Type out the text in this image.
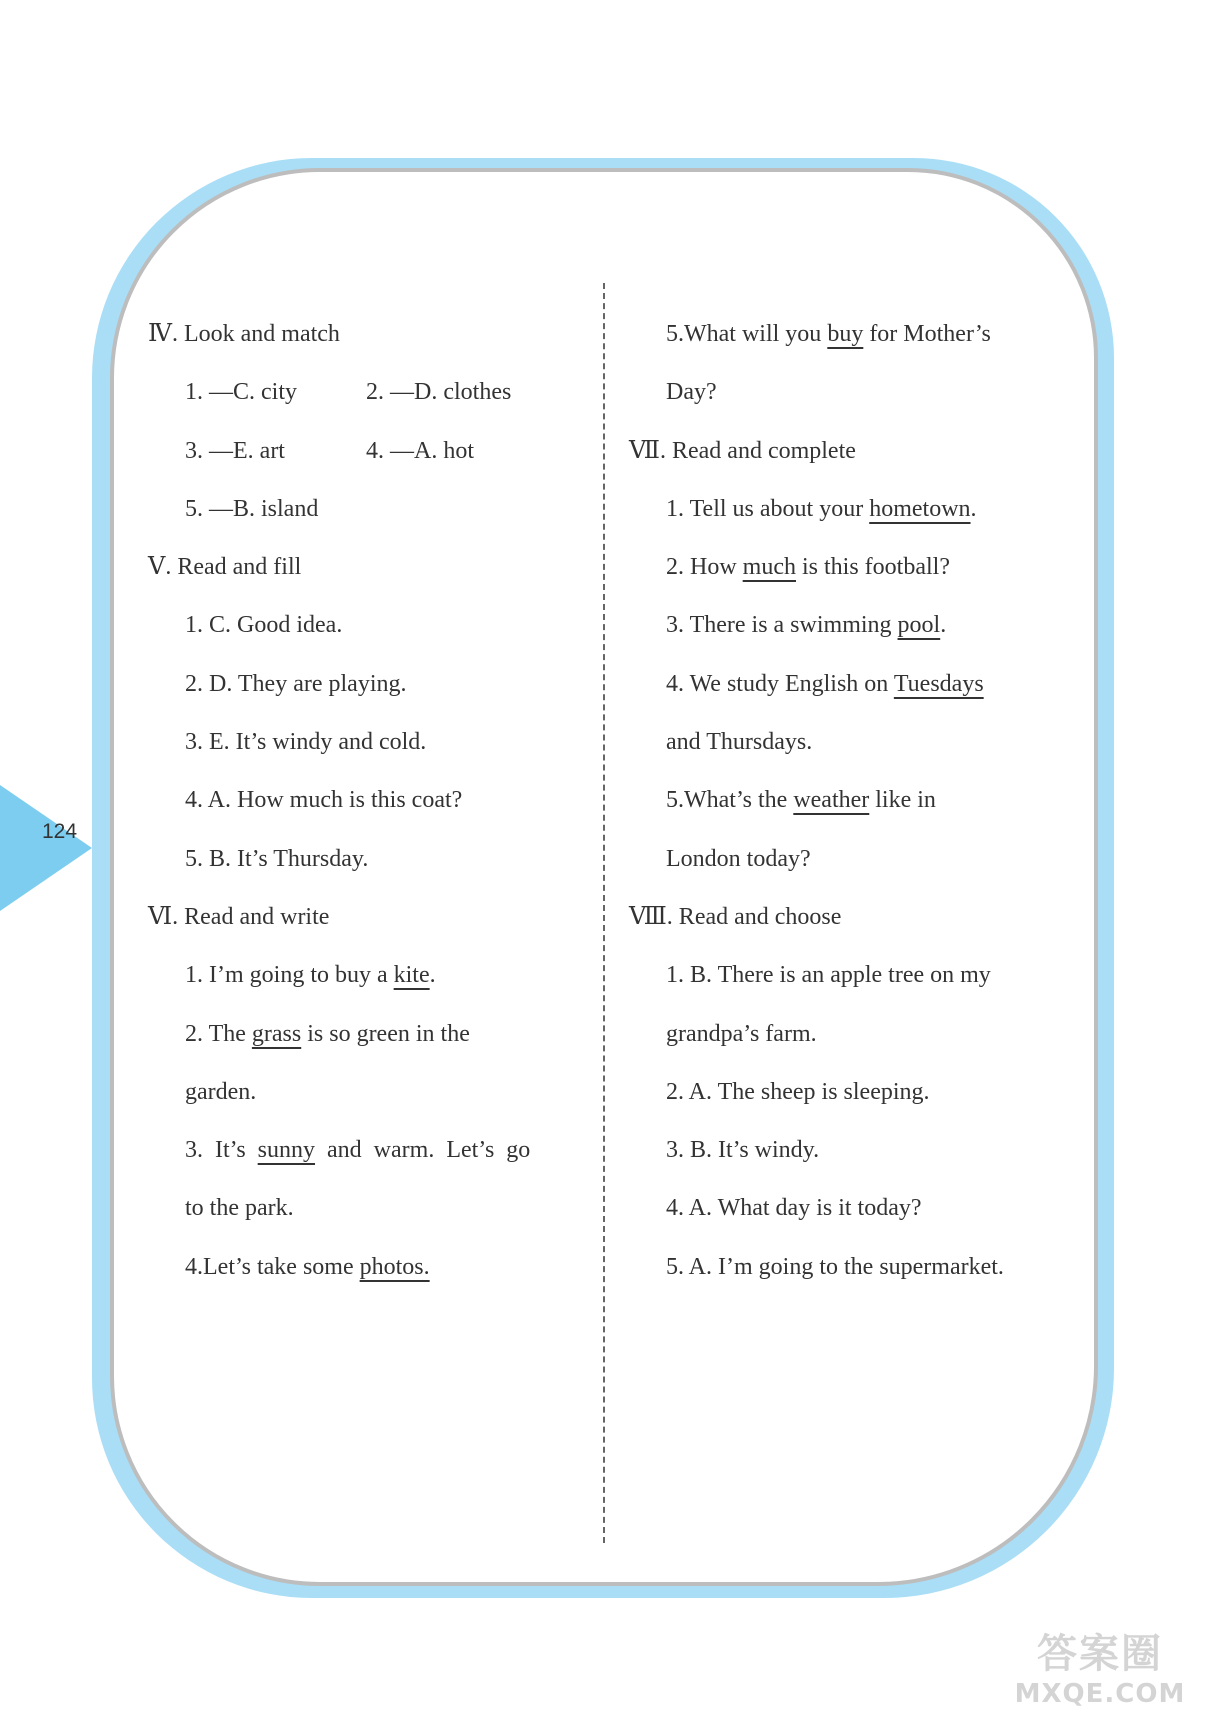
124
Ⅳ. Look and match
1. —C. city	2. —D. clothes
3. —E. art	4. —A. hot
5. —B. island
Ⅴ. Read and fill
1. C. Good idea.
2. D. They are playing.
3. E. It’s windy and cold.
4. A. How much is this coat?
5. B. It’s Thursday.
Ⅵ. Read and write
1. I’m going to buy a kite.
2. The grass is so green in the
garden.
3. It’s sunny and warm. Let’s go
to the park.
4.Let’s take some photos.
5.What will you buy for Mother’s
Day?
Ⅶ. Read and complete
1. Tell us about your hometown.
2. How much is this football?
3. There is a swimming pool.
4. We study English on Tuesdays
and Thursdays.
5.What’s the weather like in
London today?
Ⅷ. Read and choose
1. B. There is an apple tree on my
grandpa’s farm.
2. A. The sheep is sleeping.
3. B. It’s windy.
4. A. What day is it today?
5. A. I’m going to the supermarket.
答案圈
MXQE.COM
